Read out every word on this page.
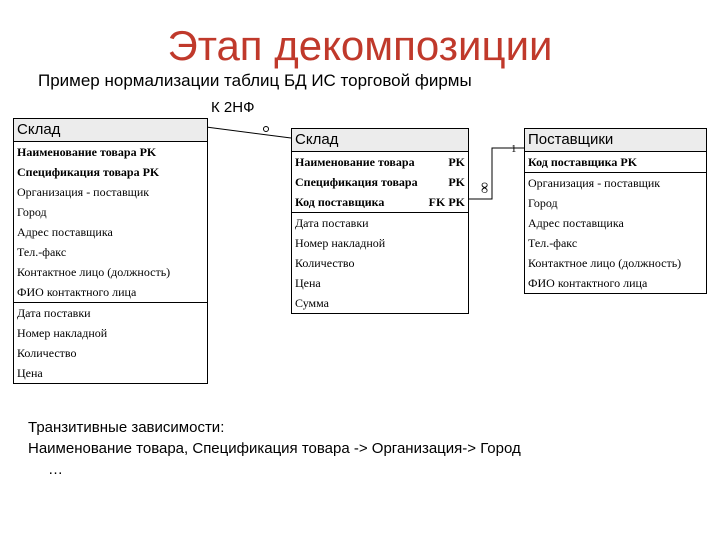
Этап декомпозиции
Пример нормализации таблиц БД ИС торговой фирмы
К 2НФ
1
∞
Склад
Наименование товара PK
Спецификация товара PK
Организация - поставщик
Город
Адрес поставщика
Тел.-факс
Контактное лицо (должность)
ФИО контактного лица
Дата поставки
Номер накладной
Количество
Цена
Склад
Наименование товара	PK
Спецификация товара	PK
Код поставщика	FK PK
Дата поставки
Номер накладной
Количество
Цена
Сумма
Поставщики
Код поставщика PK
Организация - поставщик
Город
Адрес поставщика
Тел.-факс
Контактное лицо (должность)
ФИО контактного лица
Транзитивные зависимости:
Наименование товара, Спецификация товара -> Организация-> Город
…
